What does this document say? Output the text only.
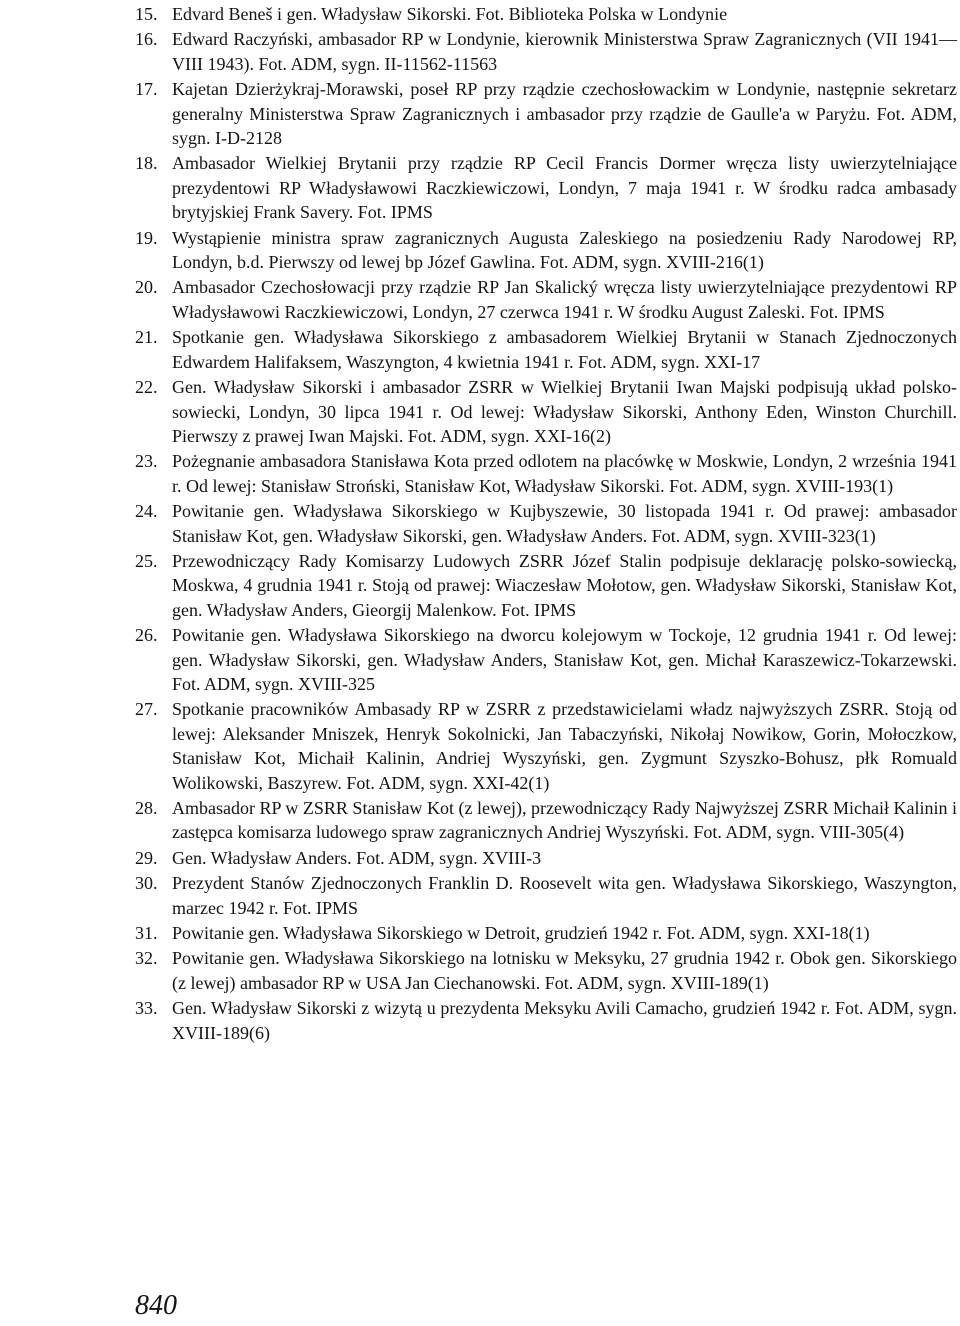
15. Edvard Beneš i gen. Władysław Sikorski. Fot. Biblioteka Polska w Londynie
16. Edward Raczyński, ambasador RP w Londynie, kierownik Ministerstwa Spraw Zagranicznych (VII 1941—VIII 1943). Fot. ADM, sygn. II-11562-11563
17. Kajetan Dzierżykraj-Morawski, poseł RP przy rządzie czechosłowackim w Londynie, następnie sekretarz generalny Ministerstwa Spraw Zagranicznych i ambasador przy rządzie de Gaulle'a w Paryżu. Fot. ADM, sygn. I-D-2128
18. Ambasador Wielkiej Brytanii przy rządzie RP Cecil Francis Dormer wręcza listy uwierzytelniające prezydentowi RP Władysławowi Raczkiewiczowi, Londyn, 7 maja 1941 r. W środku radca ambasady brytyjskiej Frank Savery. Fot. IPMS
19. Wystąpienie ministra spraw zagranicznych Augusta Zaleskiego na posiedzeniu Rady Narodowej RP, Londyn, b.d. Pierwszy od lewej bp Józef Gawlina. Fot. ADM, sygn. XVIII-216(1)
20. Ambasador Czechosłowacji przy rządzie RP Jan Skalický wręcza listy uwierzytelniające prezydentowi RP Władysławowi Raczkiewiczowi, Londyn, 27 czerwca 1941 r. W środku August Zaleski. Fot. IPMS
21. Spotkanie gen. Władysława Sikorskiego z ambasadorem Wielkiej Brytanii w Stanach Zjednoczonych Edwardem Halifaksem, Waszyngton, 4 kwietnia 1941 r. Fot. ADM, sygn. XXI-17
22. Gen. Władysław Sikorski i ambasador ZSRR w Wielkiej Brytanii Iwan Majski podpisują układ polsko-sowiecki, Londyn, 30 lipca 1941 r. Od lewej: Władysław Sikorski, Anthony Eden, Winston Churchill. Pierwszy z prawej Iwan Majski. Fot. ADM, sygn. XXI-16(2)
23. Pożegnanie ambasadora Stanisława Kota przed odlotem na placówkę w Moskwie, Londyn, 2 września 1941 r. Od lewej: Stanisław Stroński, Stanisław Kot, Władysław Sikorski. Fot. ADM, sygn. XVIII-193(1)
24. Powitanie gen. Władysława Sikorskiego w Kujbyszewie, 30 listopada 1941 r. Od prawej: ambasador Stanisław Kot, gen. Władysław Sikorski, gen. Władysław Anders. Fot. ADM, sygn. XVIII-323(1)
25. Przewodniczący Rady Komisarzy Ludowych ZSRR Józef Stalin podpisuje deklarację polsko-sowiecką, Moskwa, 4 grudnia 1941 r. Stoją od prawej: Wiaczesław Mołotow, gen. Władysław Sikorski, Stanisław Kot, gen. Władysław Anders, Gieorgij Malenkow. Fot. IPMS
26. Powitanie gen. Władysława Sikorskiego na dworcu kolejowym w Tockoje, 12 grudnia 1941 r. Od lewej: gen. Władysław Sikorski, gen. Władysław Anders, Stanisław Kot, gen. Michał Karaszewicz-Tokarzewski. Fot. ADM, sygn. XVIII-325
27. Spotkanie pracowników Ambasady RP w ZSRR z przedstawicielami władz najwyższych ZSRR. Stoją od lewej: Aleksander Mniszek, Henryk Sokolnicki, Jan Tabaczyński, Nikołaj Nowikow, Gorin, Mołoczkow, Stanisław Kot, Michaił Kalinin, Andriej Wyszyński, gen. Zygmunt Szyszko-Bohusz, płk Romuald Wolikowski, Baszyrew. Fot. ADM, sygn. XXI-42(1)
28. Ambasador RP w ZSRR Stanisław Kot (z lewej), przewodniczący Rady Najwyższej ZSRR Michaił Kalinin i zastępca komisarza ludowego spraw zagranicznych Andriej Wyszyński. Fot. ADM, sygn. VIII-305(4)
29. Gen. Władysław Anders. Fot. ADM, sygn. XVIII-3
30. Prezydent Stanów Zjednoczonych Franklin D. Roosevelt wita gen. Władysława Sikorskiego, Waszyngton, marzec 1942 r. Fot. IPMS
31. Powitanie gen. Władysława Sikorskiego w Detroit, grudzień 1942 r. Fot. ADM, sygn. XXI-18(1)
32. Powitanie gen. Władysława Sikorskiego na lotnisku w Meksyku, 27 grudnia 1942 r. Obok gen. Sikorskiego (z lewej) ambasador RP w USA Jan Ciechanowski. Fot. ADM, sygn. XVIII-189(1)
33. Gen. Władysław Sikorski z wizytą u prezydenta Meksyku Avili Camacho, grudzień 1942 r. Fot. ADM, sygn. XVIII-189(6)
840
